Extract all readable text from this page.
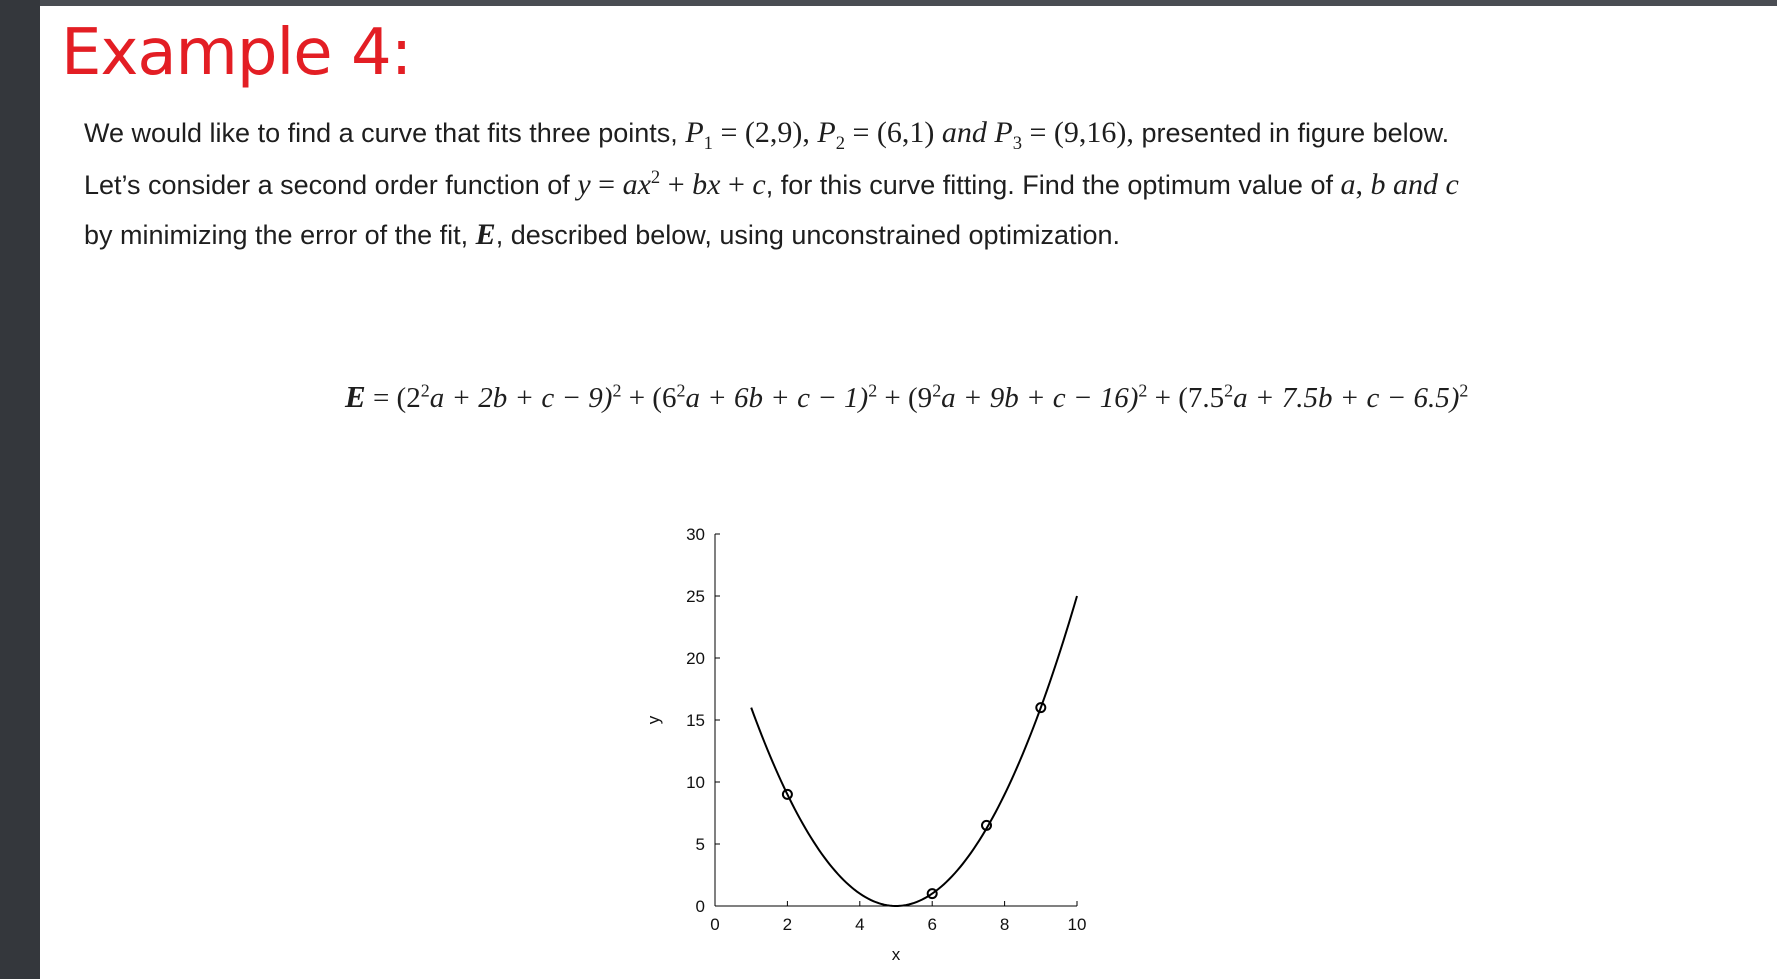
Example 4:

We would like to find a curve that fits three points, $P_1 = (2,9)$, $P_2 = (6,1)$ and $P_3 = (9,16)$, presented in figure below.

Let’s consider a second order function of $y = ax^2$ + bx + c, for this curve fitting. Find the optimum value of a, b and c

by minimizing the error of the fit, E, described below, using unconstrained optimization.

$E = (2^2a + 2b + c - 9)^2 + (6^2a + 6b + c - 1)^2 + (9^2a + 9b + c - 16)^2 + (7.5^2a + 7.5b + c - 6.5)^2$

0
5
10
15
20
25
30
0	2	4	6	8	10
x
y
